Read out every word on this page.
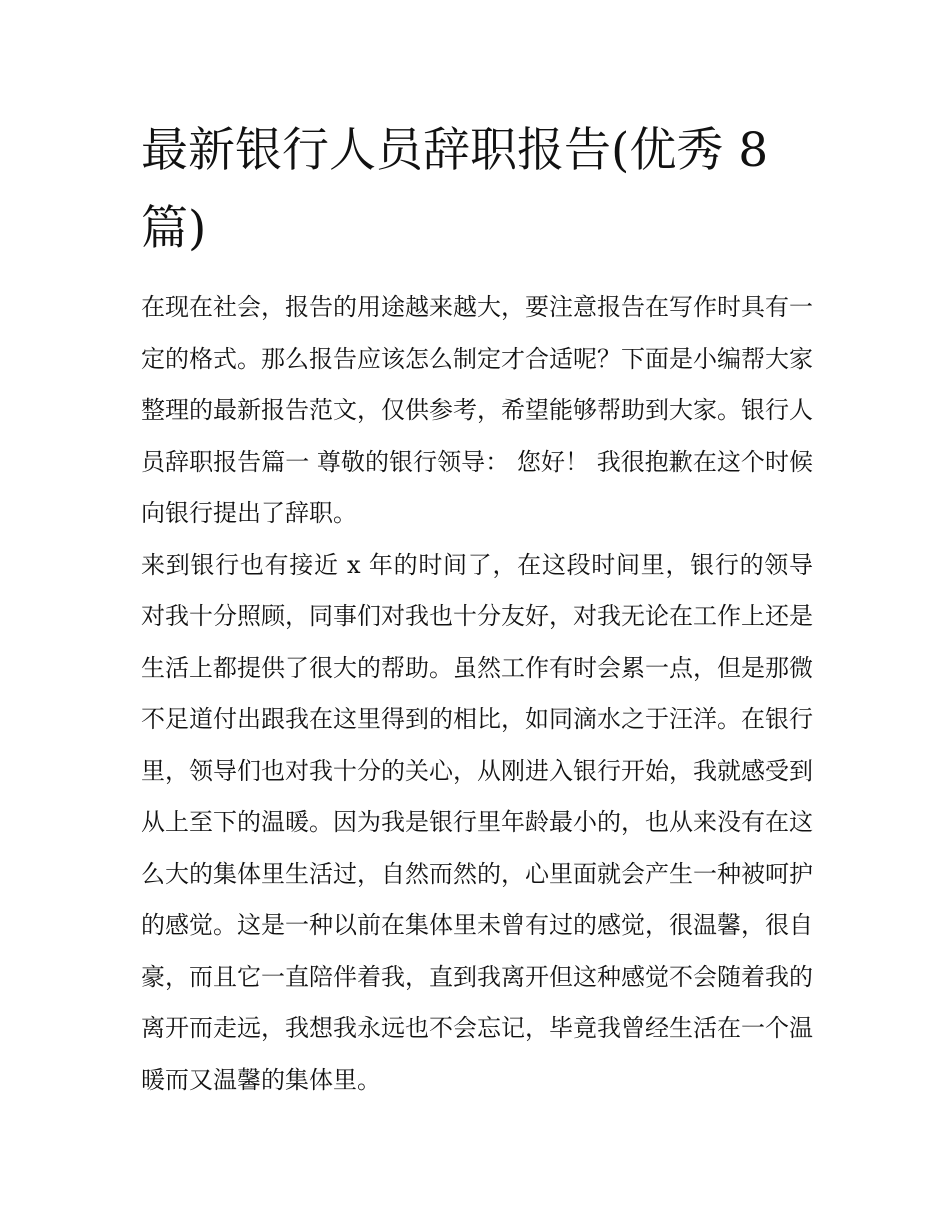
最新银行人员辞职报告(优秀 8 篇)

在现在社会，报告的用途越来越大，要注意报告在写作时具有一定的格式。那么报告应该怎么制定才合适呢？下面是小编帮大家整理的最新报告范文，仅供参考，希望能够帮助到大家。银行人员辞职报告篇一 尊敬的银行领导： 您好！ 我很抱歉在这个时候向银行提出了辞职。

来到银行也有接近 x 年的时间了，在这段时间里，银行的领导对我十分照顾，同事们对我也十分友好，对我无论在工作上还是生活上都提供了很大的帮助。虽然工作有时会累一点，但是那微不足道付出跟我在这里得到的相比，如同滴水之于汪洋。在银行里，领导们也对我十分的关心，从刚进入银行开始，我就感受到从上至下的温暖。因为我是银行里年龄最小的，也从来没有在这么大的集体里生活过，自然而然的，心里面就会产生一种被呵护的感觉。这是一种以前在集体里未曾有过的感觉，很温馨，很自豪，而且它一直陪伴着我，直到我离开但这种感觉不会随着我的离开而走远，我想我永远也不会忘记，毕竟我曾经生活在一个温暖而又温馨的集体里。
